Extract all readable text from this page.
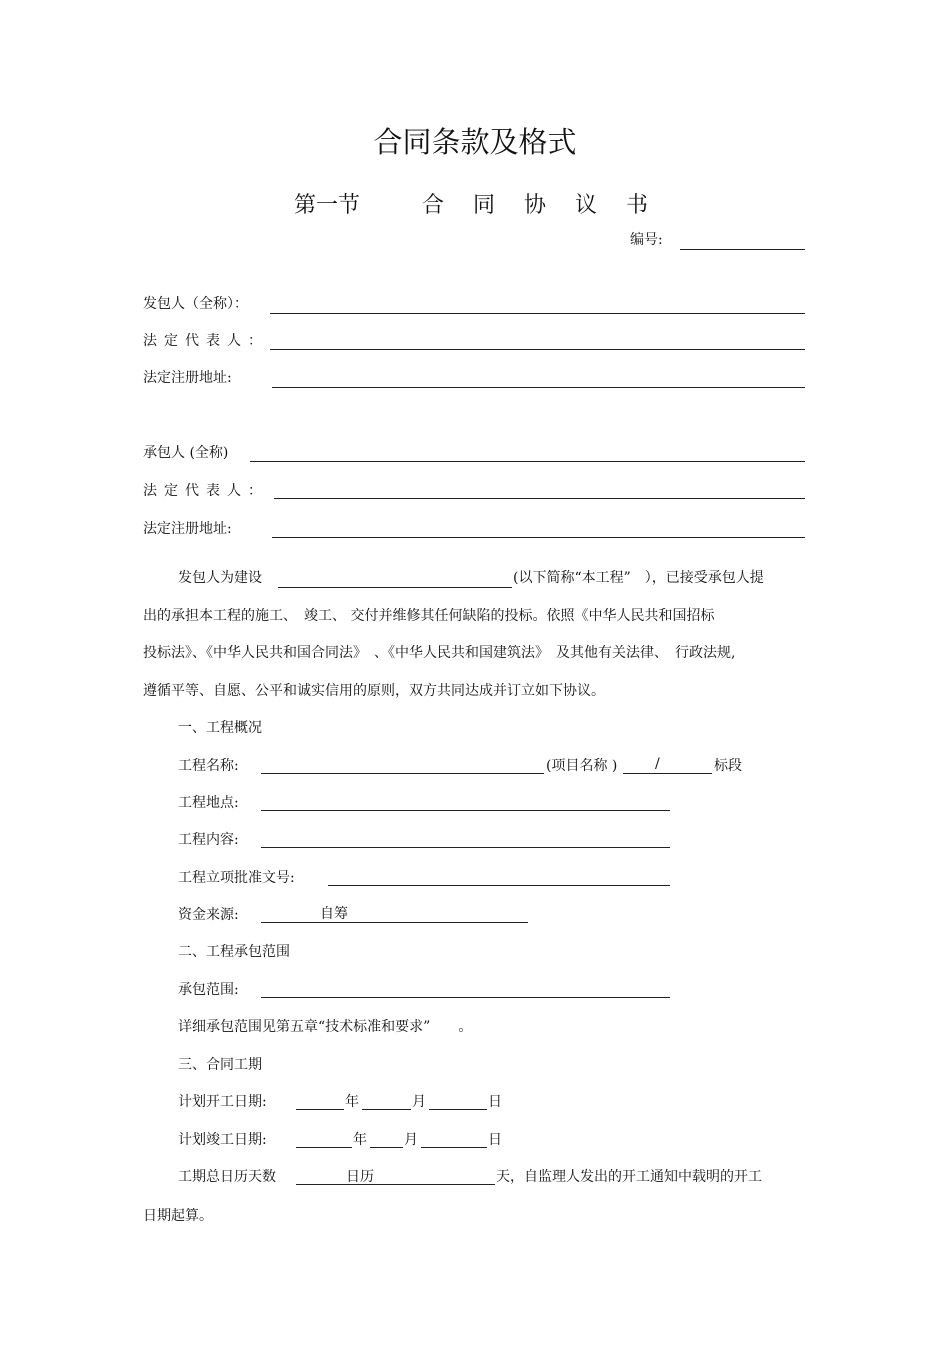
合同条款及格式
第一节	合 同 协 议 书
编号:
发包人（全称）：
法定代表人：
法定注册地址:
承包人 (全称)
法定代表人：
法定注册地址:
发包人为建设	(以下简称“本工程”　），已接受承包人提
出的承担本工程的施工、　竣工、 交付并维修其任何缺陷的投标。依照《中华人民共和国招标
投标法》、《中华人民共和国合同法》　、《中华人民共和国建筑法》　及其他有关法律、　行政法规,
遵循平等、自愿、公平和诚实信用的原则，双方共同达成并订立如下协议。
一、工程概况
工程名称:	(项目名称 )	/	标段
工程地点:
工程内容:
工程立项批准文号:
资金来源:	自筹
二、工程承包范围
承包范围:
详细承包范围见第五章“技术标准和要求”　　。
三、合同工期
计划开工日期:	年	月	日
计划竣工日期:	年	月	日
工期总日历天数	日历	天，自监理人发出的开工通知中载明的开工
日期起算。
